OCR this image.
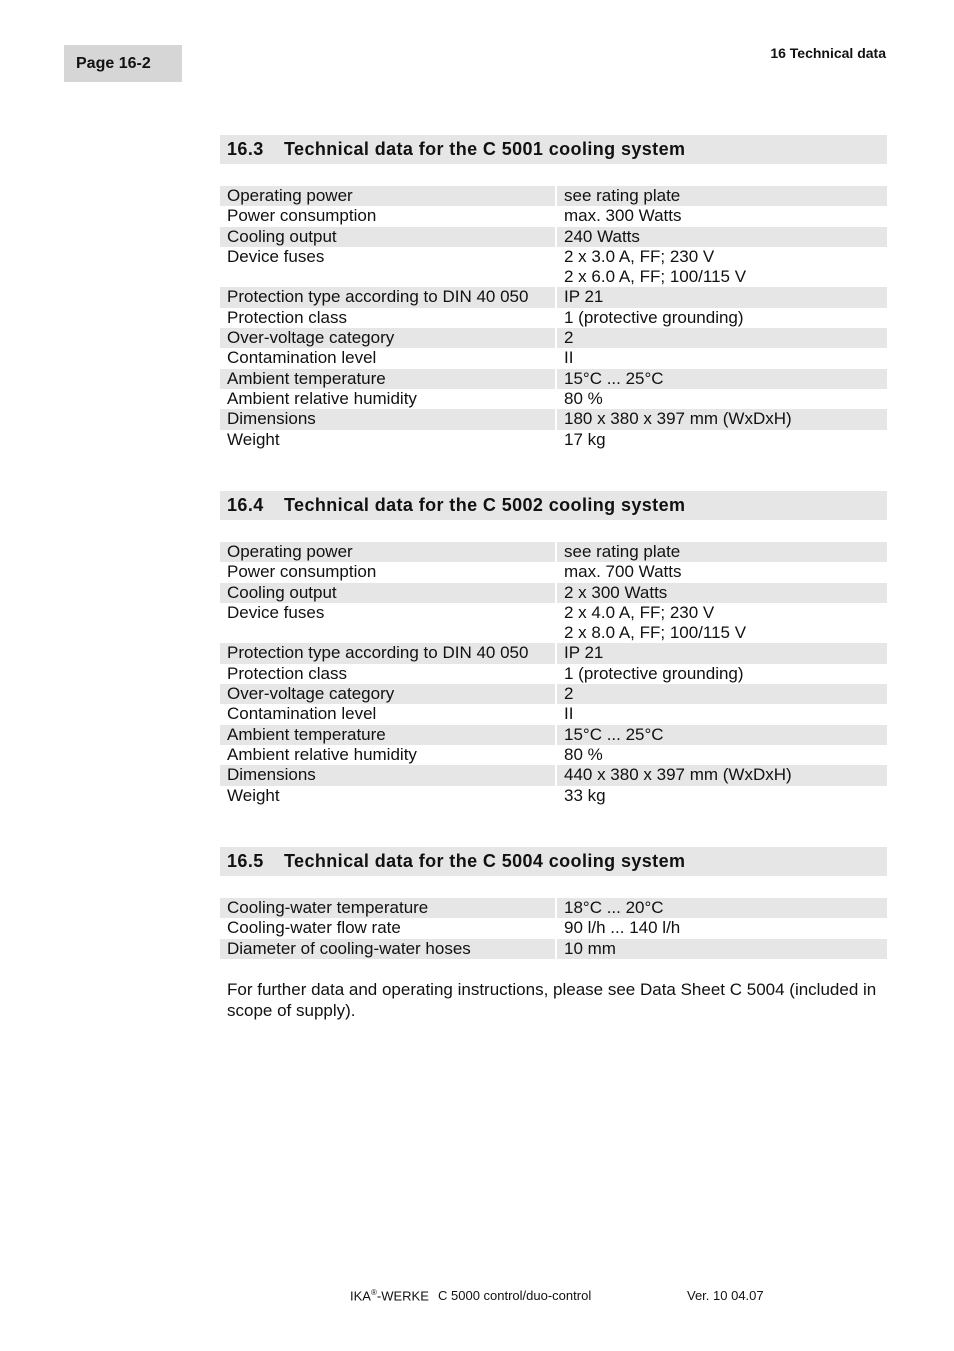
Page 16-2
16 Technical data
16.3 Technical data for the C 5001 cooling system
Operating power	see rating plate

Power consumption	max. 300 Watts

Cooling output	240 Watts

Device fuses	2 x 3.0 A, FF; 230 V
2 x 6.0 A, FF; 100/115 V

Protection type according to DIN 40 050	IP 21

Protection class	1 (protective grounding)

Over-voltage category	2

Contamination level	II

Ambient temperature	15°C ... 25°C

Ambient relative humidity	80 %

Dimensions	180 x 380 x 397 mm (WxDxH)

Weight	17 kg
16.4 Technical data for the C 5002 cooling system
Operating power	see rating plate

Power consumption	max. 700 Watts

Cooling output	2 x 300 Watts

Device fuses	2 x 4.0 A, FF; 230 V
2 x 8.0 A, FF; 100/115 V

Protection type according to DIN 40 050	IP 21

Protection class	1 (protective grounding)

Over-voltage category	2

Contamination level	II

Ambient temperature	15°C ... 25°C

Ambient relative humidity	80 %

Dimensions	440 x 380 x 397 mm (WxDxH)

Weight	33 kg
16.5 Technical data for the C 5004 cooling system
Cooling-water temperature	18°C ... 20°C

Cooling-water flow rate	90 l/h ... 140 l/h

Diameter of cooling-water hoses	10 mm
For further data and operating instructions, please see Data Sheet C 5004 (included in scope of supply).
IKA®-WERKE C 5000 control/duo-control	Ver. 10 04.07
